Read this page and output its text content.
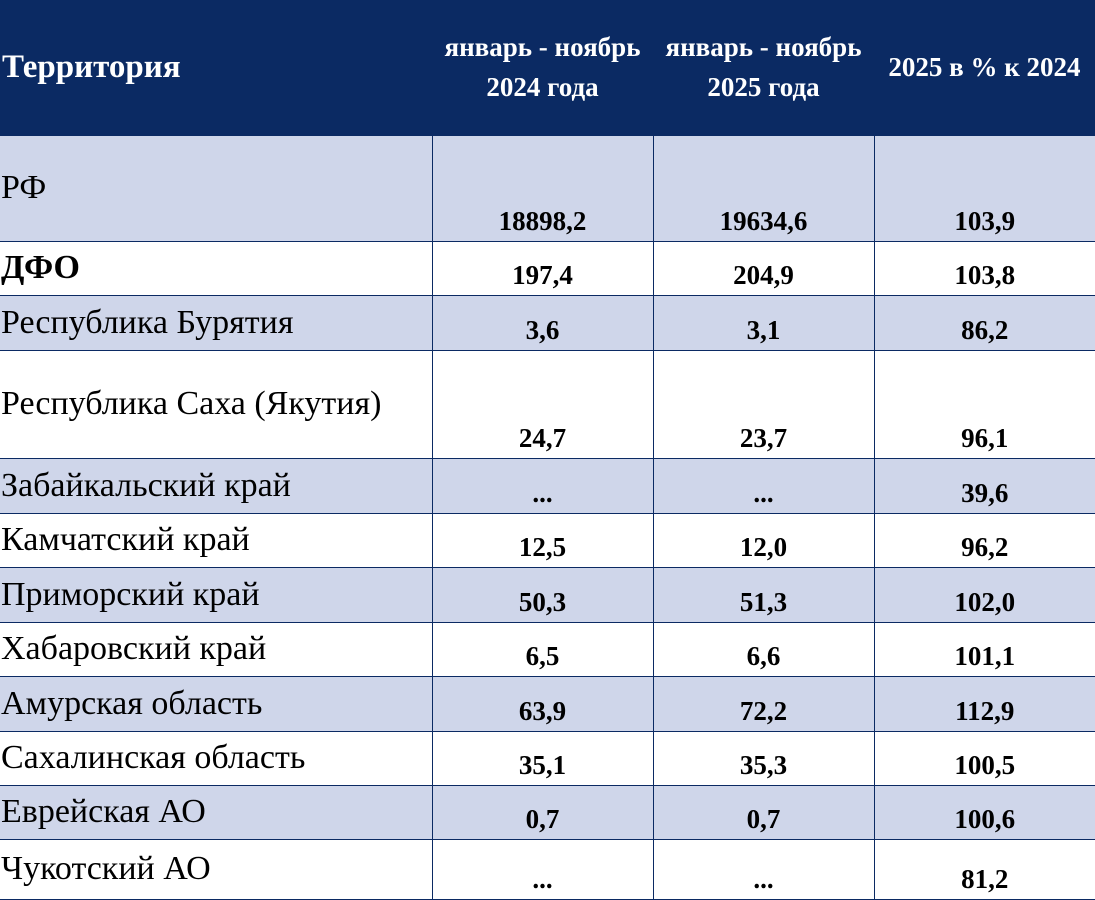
Территория	январь - ноябрь 2024 года	январь - ноябрь 2025 года	2025 в % к 2024
РФ	18898,2	19634,6	103,9
ДФО	197,4	204,9	103,8
Республика Бурятия	3,6	3,1	86,2
Республика Саха (Якутия)	24,7	23,7	96,1
Забайкальский край	...	...	39,6
Камчатский край	12,5	12,0	96,2
Приморский край	50,3	51,3	102,0
Хабаровский край	6,5	6,6	101,1
Амурская область	63,9	72,2	112,9
Сахалинская область	35,1	35,3	100,5
Еврейская АО	0,7	0,7	100,6
Чукотский АО	...	...	81,2
